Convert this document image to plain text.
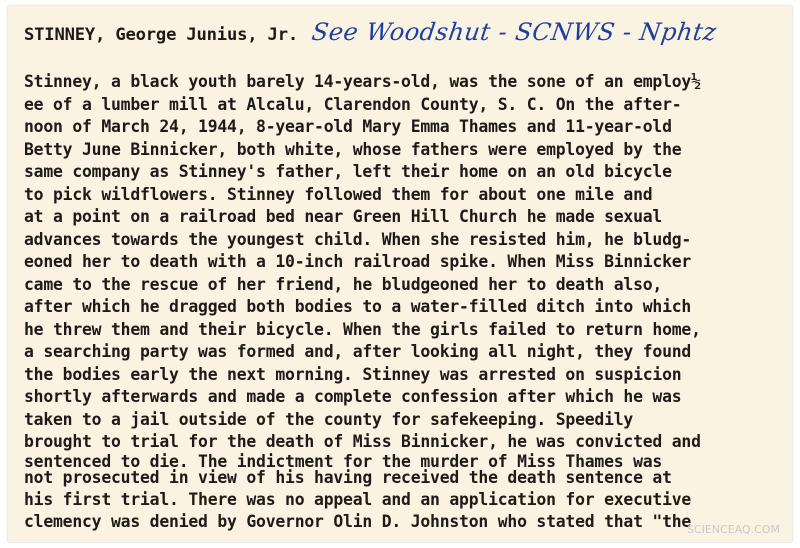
STINNEY, George Junius, Jr. See Woodshut - SCNWS - Nphtz
Stinney, a black youth barely 14-years-old, was the sone of an employ½
ee of a lumber mill at Alcalu, Clarendon County, S. C. On the after-
noon of March 24, 1944, 8-year-old Mary Emma Thames and 11-year-old
Betty June Binnicker, both white, whose fathers were employed by the
same company as Stinney's father, left their home on an old bicycle
to pick wildflowers. Stinney followed them for about one mile and
at a point on a railroad bed near Green Hill Church he made sexual
advances towards the youngest child. When she resisted him, he bludg-
eoned her to death with a 10-inch railroad spike. When Miss Binnicker
came to the rescue of her friend, he bludgeoned her to death also,
after which he dragged both bodies to a water-filled ditch into which
he threw them and their bicycle. When the girls failed to return home,
a searching party was formed and, after looking all night, they found
the bodies early the next morning. Stinney was arrested on suspicion
shortly afterwards and made a complete confession after which he was
taken to a jail outside of the county for safekeeping. Speedily
brought to trial for the death of Miss Binnicker, he was convicted and
sentenced to die. The indictment for the murder of Miss Thames was
not prosecuted in view of his having received the death sentence at
his first trial. There was no appeal and an application for executive
clemency was denied by Governor Olin D. Johnston who stated that "the
SCIENCEAQ.COM
